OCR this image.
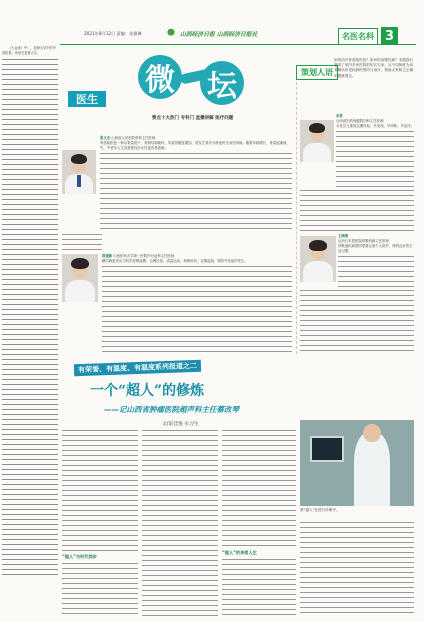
《大众来》中），亚研大学中的中西医系。冲里总是看大生。

2021年8月12日 责编：张雅琳	山西经济日报 山西经济日报社	名医名科 3
医生
微 坛
要点十大热门 专科门 直播讲解 医疗问题
策划人语
如何治疗骨质疏松症？如何防治慢性病？本期我们邀请了省内多家医院的知名专家，从不同角度为读者解读常见疾病的预防与治疗，帮助大家树立正确的健康观念。
张文龙 山西省人民医院骨科主任医师
骨质疏松是一种以骨量低下、骨微结构破坏，导致骨脆性增加、易发生骨折为特征的全身性骨病。随着年龄增长，骨量逐渐流失，中老年人尤其是绝经后女性更容易患病。
段建新 山西医科大学第一医院内分泌科主任医师
糖尿病患者应当科学控制血糖，合理饮食、适量运动、规律用药，定期监测，预防并发症的发生。
李青
山西省妇幼保健院妇科主任医师
女性应当重视定期体检，早发现、早诊断、早治疗。
王晓燕
山西白求恩医院呼吸科副主任医师
呼吸道疾病预防需要注意个人防护，保持良好的生活习惯。
有荣誉、有温度、有温度系列报道之二
一个“超人”的修炼
——记山西省肿瘤医院超声科主任蔡改琴
文/雷佳悦 实习生
“超人”与时代同步
“超人”的多面人生
蔡“超人”在进行诊断中。
